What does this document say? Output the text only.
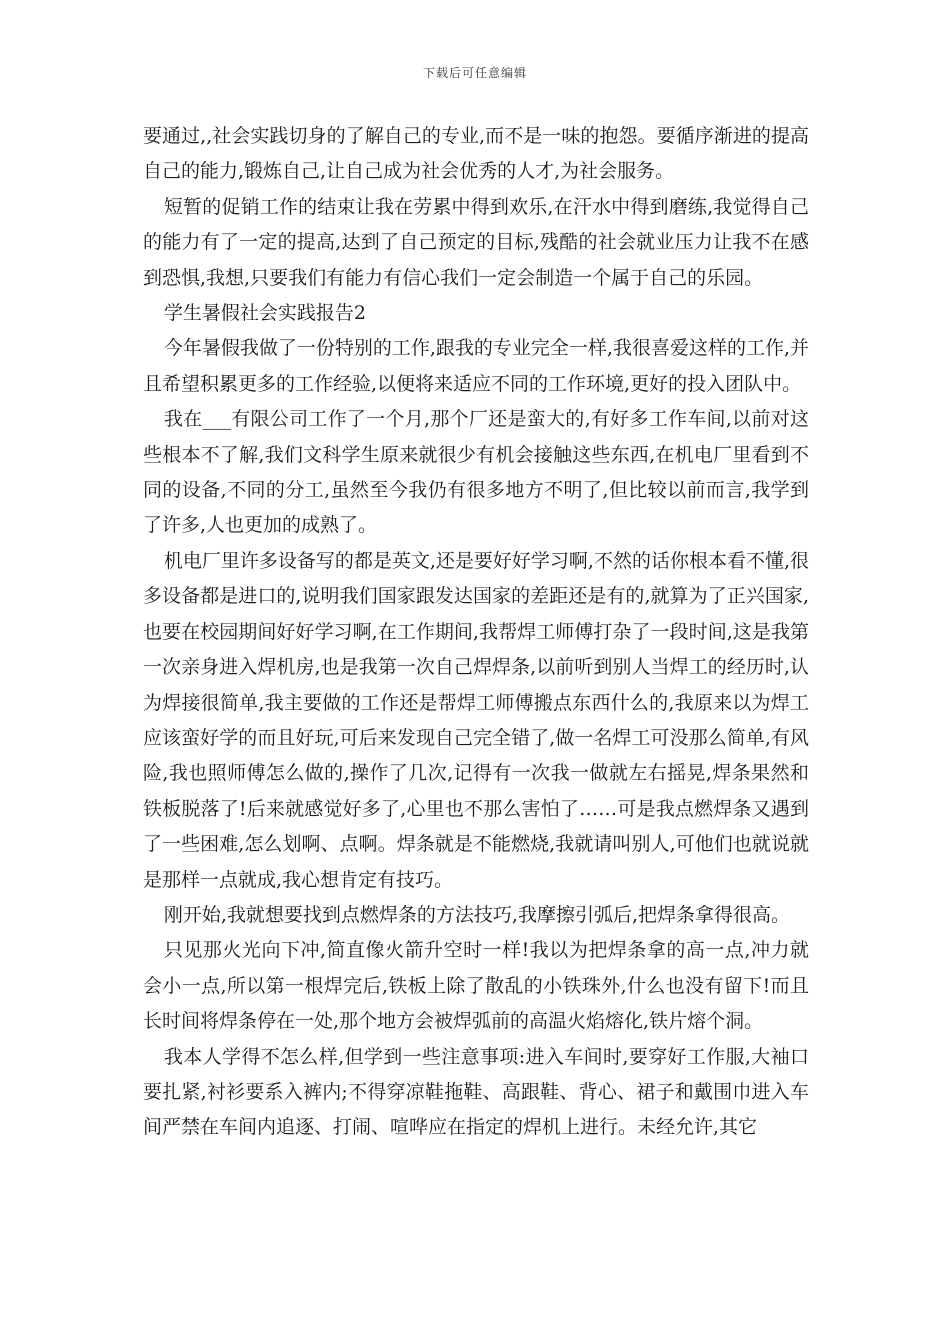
下载后可任意编辑

要通过,,社会实践切身的了解自己的专业,而不是一味的抱怨。要循序渐进的提高自己的能力,锻炼自己,让自己成为社会优秀的人才,为社会服务。

短暂的促销工作的结束让我在劳累中得到欢乐,在汗水中得到磨练,我觉得自己的能力有了一定的提高,达到了自己预定的目标,残酷的社会就业压力让我不在感到恐惧,我想,只要我们有能力有信心我们一定会制造一个属于自己的乐园。

学生暑假社会实践报告2

今年暑假我做了一份特别的工作,跟我的专业完全一样,我很喜爱这样的工作,并且希望积累更多的工作经验,以便将来适应不同的工作环境,更好的投入团队中。

我在___有限公司工作了一个月,那个厂还是蛮大的,有好多工作车间,以前对这些根本不了解,我们文科学生原来就很少有机会接触这些东西,在机电厂里看到不同的设备,不同的分工,虽然至今我仍有很多地方不明了,但比较以前而言,我学到了许多,人也更加的成熟了。

机电厂里许多设备写的都是英文,还是要好好学习啊,不然的话你根本看不懂,很多设备都是进口的,说明我们国家跟发达国家的差距还是有的,就算为了正兴国家,也要在校园期间好好学习啊,在工作期间,我帮焊工师傅打杂了一段时间,这是我第一次亲身进入焊机房,也是我第一次自己焊焊条,以前听到别人当焊工的经历时,认为焊接很简单,我主要做的工作还是帮焊工师傅搬点东西什么的,我原来以为焊工应该蛮好学的而且好玩,可后来发现自己完全错了,做一名焊工可没那么简单,有风险,我也照师傅怎么做的,操作了几次,记得有一次我一做就左右摇晃,焊条果然和铁板脱落了!后来就感觉好多了,心里也不那么害怕了……可是我点燃焊条又遇到了一些困难,怎么划啊、点啊。焊条就是不能燃烧,我就请叫别人,可他们也就说就是那样一点就成,我心想肯定有技巧。

刚开始,我就想要找到点燃焊条的方法技巧,我摩擦引弧后,把焊条拿得很高。

只见那火光向下冲,简直像火箭升空时一样!我以为把焊条拿的高一点,冲力就会小一点,所以第一根焊完后,铁板上除了散乱的小铁珠外,什么也没有留下!而且长时间将焊条停在一处,那个地方会被焊弧前的高温火焰熔化,铁片熔个洞。

我本人学得不怎么样,但学到一些注意事项:进入车间时,要穿好工作服,大袖口要扎紧,衬衫要系入裤内;不得穿凉鞋拖鞋、高跟鞋、背心、裙子和戴围巾进入车间严禁在车间内追逐、打闹、喧哗应在指定的焊机上进行。未经允许,其它
